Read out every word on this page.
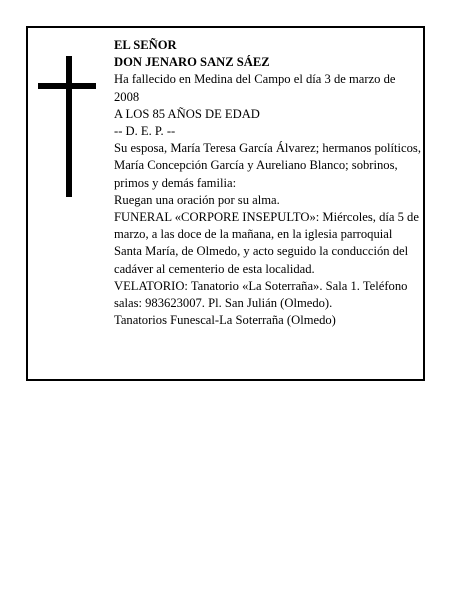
EL SEÑOR

DON JENARO SANZ SÁEZ

Ha fallecido en Medina del Campo el día 3 de marzo de 2008

A LOS 85 AÑOS DE EDAD

-- D. E. P. --

Su esposa, María Teresa García Álvarez; hermanos políticos, María Concepción García y Aureliano Blanco; sobrinos, primos y demás familia:

Ruegan una oración por su alma.

FUNERAL «CORPORE INSEPULTO»: Miércoles, día 5 de marzo, a las doce de la mañana, en la iglesia parroquial Santa María, de Olmedo, y acto seguido la conducción del cadáver al cementerio de esta localidad.

VELATORIO: Tanatorio «La Soterraña». Sala 1. Teléfono salas: 983623007. Pl. San Julián (Olmedo).

Tanatorios Funescal-La Soterraña (Olmedo)
